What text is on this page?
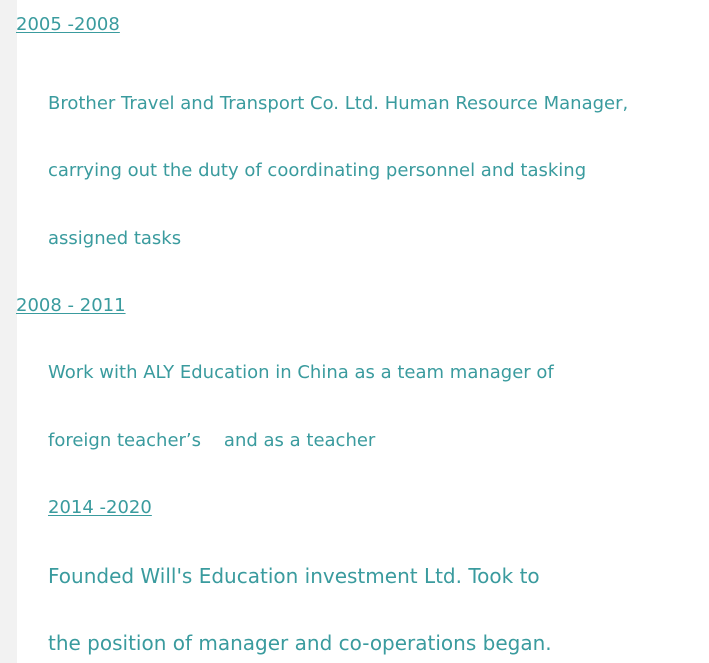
2005 -2008
Brother Travel and Transport Co. Ltd. Human Resource Manager,
carrying out the duty of coordinating personnel and tasking
assigned tasks
2008 - 2011
Work with ALY Education in China as a team manager of
foreign teacher’s    and as a teacher
2014 -2020
Founded Will's Education investment Ltd. Took to
the position of manager and co-operations began.
